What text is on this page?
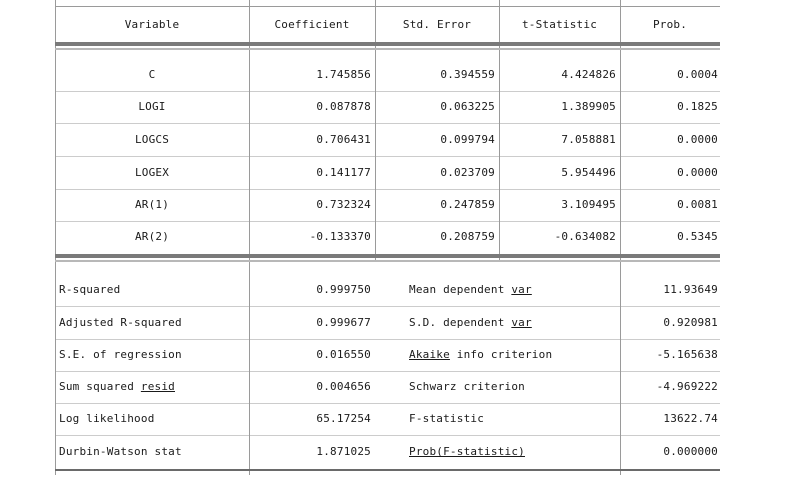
Variable	Coefficient	Std. Error	t-Statistic	Prob.
C	1.745856	0.394559	4.424826	0.0004
LOGI	0.087878	0.063225	1.389905	0.1825
LOGCS	0.706431	0.099794	7.058881	0.0000
LOGEX	0.141177	0.023709	5.954496	0.0000
AR(1)	0.732324	0.247859	3.109495	0.0081
AR(2)	-0.133370	0.208759	-0.634082	0.5345
R-squared	0.999750	Mean dependent var	11.93649
Adjusted R-squared	0.999677	S.D. dependent var	0.920981
S.E. of regression	0.016550	Akaike info criterion	-5.165638
Sum squared resid	0.004656	Schwarz criterion	-4.969222
Log likelihood	65.17254	F-statistic	13622.74
Durbin-Watson stat	1.871025	Prob(F-statistic)	0.000000
